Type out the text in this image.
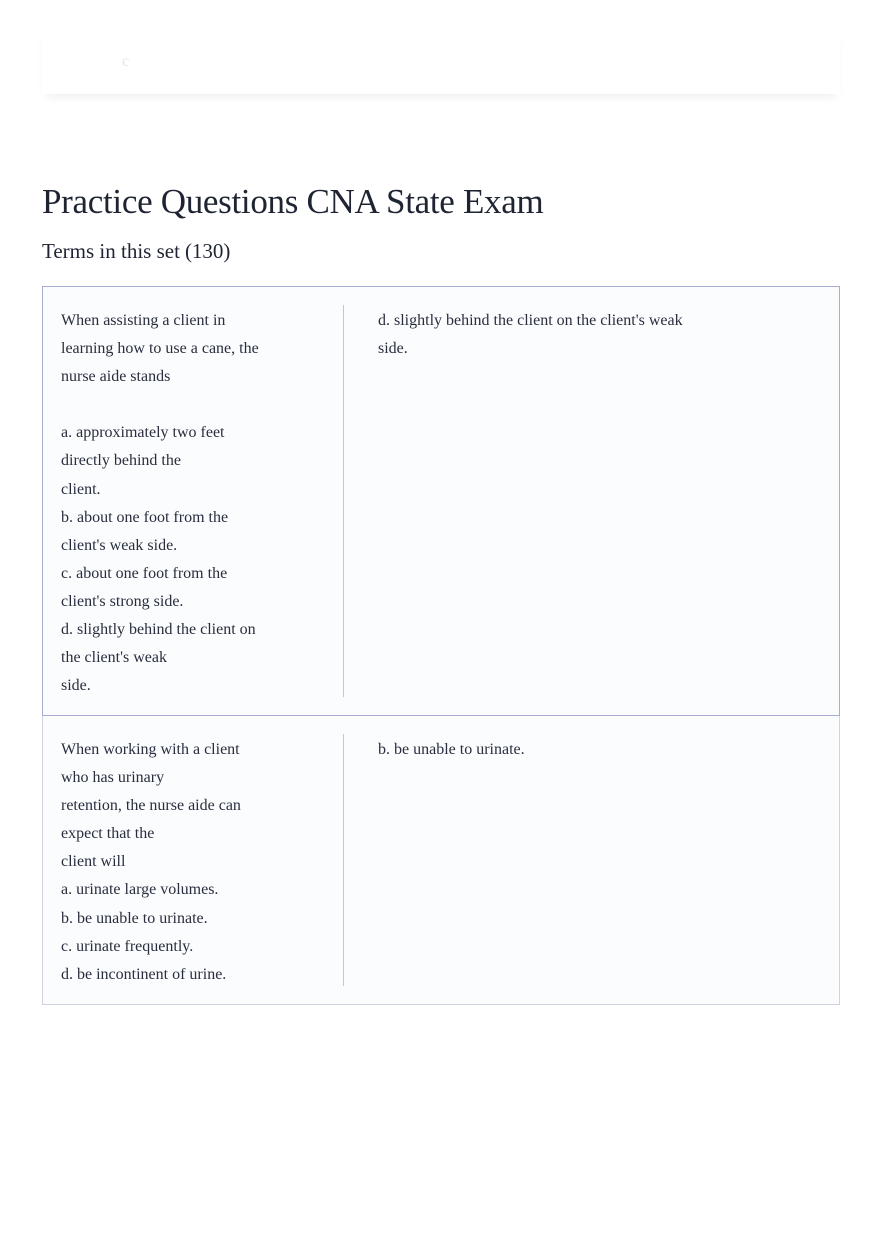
c
Practice Questions CNA State Exam
Terms in this set (130)
When assisting a client in
learning how to use a cane, the
nurse aide stands
a. approximately two feet
directly behind the
client.
b. about one foot from the
client's weak side.
c. about one foot from the
client's strong side.
d. slightly behind the client on
the client's weak
side.
d. slightly behind the client on the client's weak
side.
When working with a client
who has urinary
retention, the nurse aide can
expect that the
client will
a. urinate large volumes.
b. be unable to urinate.
c. urinate frequently.
d. be incontinent of urine.
b. be unable to urinate.
